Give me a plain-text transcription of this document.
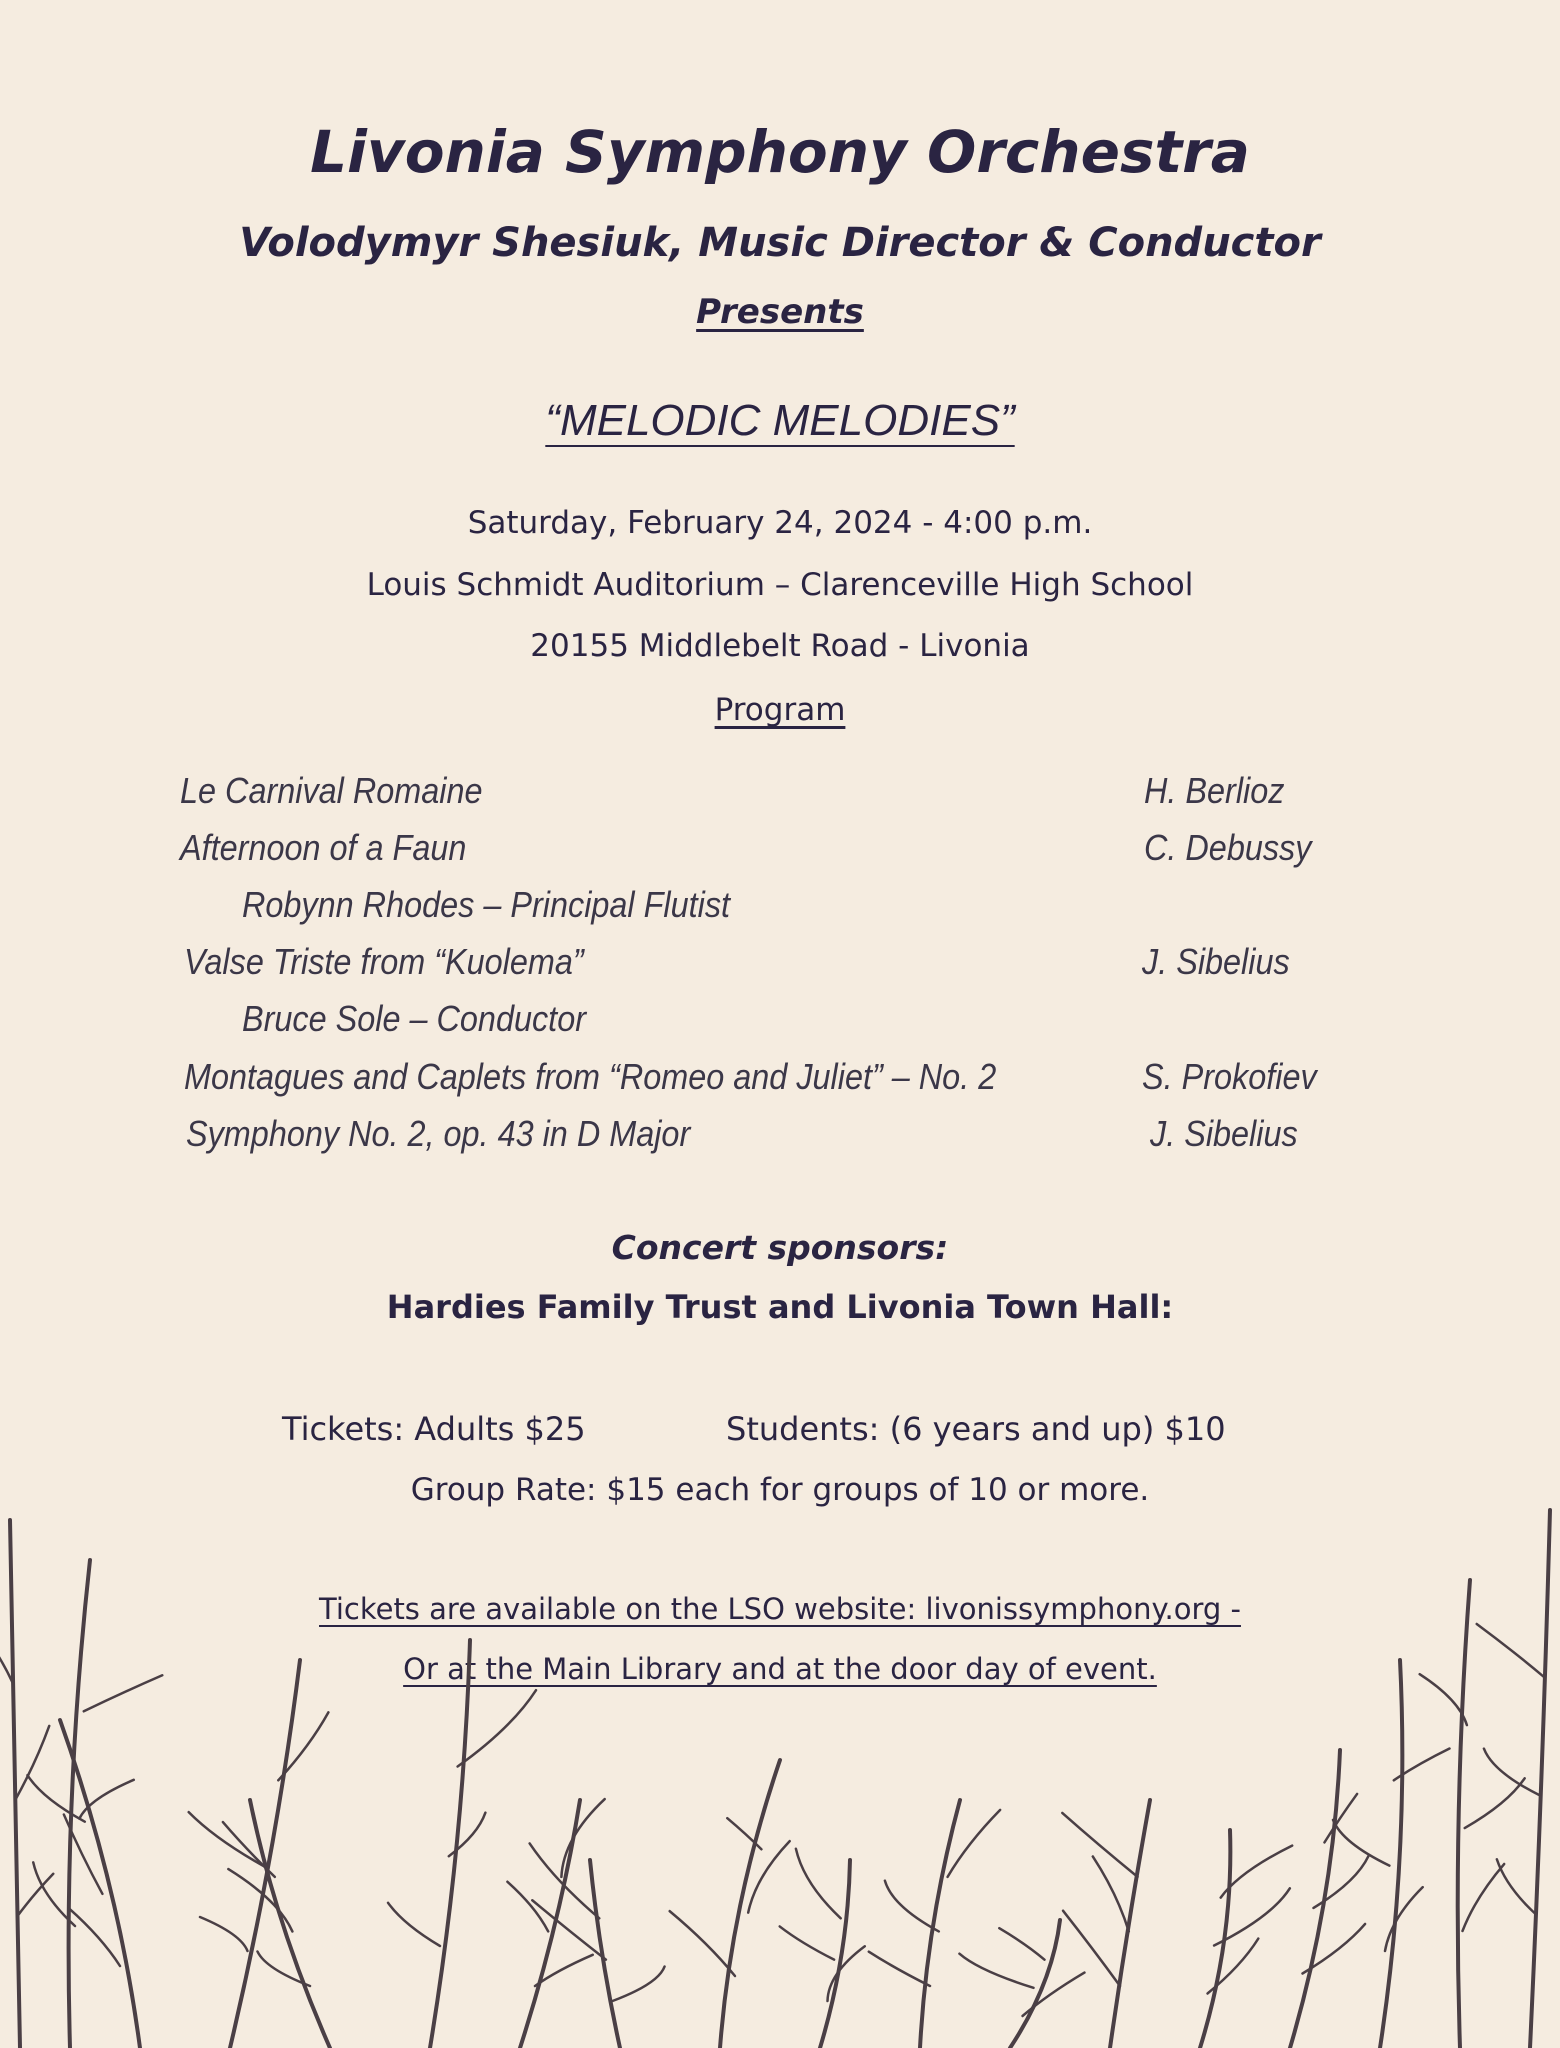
Livonia Symphony Orchestra
Volodymyr Shesiuk, Music Director & Conductor
Presents
“MELODIC MELODIES”
Saturday, February 24, 2024 - 4:00 p.m.
Louis Schmidt Auditorium – Clarenceville High School
20155 Middlebelt Road - Livonia
Program
Le Carnival Romaine	H. Berlioz
Afternoon of a Faun	C. Debussy
Robynn Rhodes – Principal Flutist
Valse Triste from “Kuolema”	J. Sibelius
Bruce Sole – Conductor
Montagues and Caplets from “Romeo and Juliet” – No. 2	S. Prokofiev
Symphony No. 2, op. 43 in D Major	J. Sibelius
Concert sponsors:
Hardies Family Trust and Livonia Town Hall:
Tickets: Adults $25	Students: (6 years and up) $10
Group Rate: $15 each for groups of 10 or more.
Tickets are available on the LSO website: livonissymphony.org -
Or at the Main Library and at the door day of event.
